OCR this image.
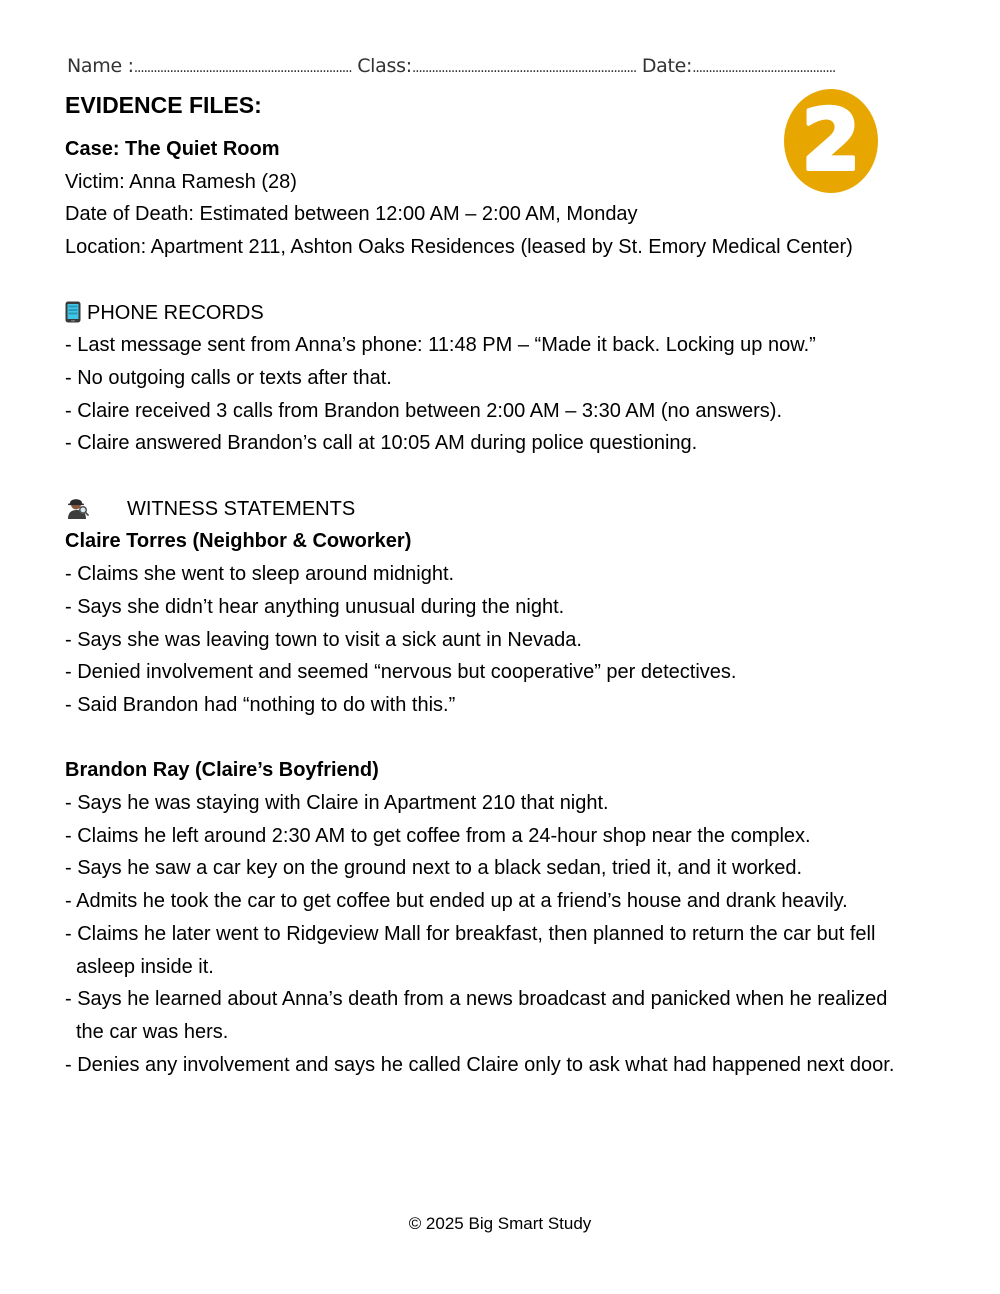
Name :................................................................... Class:..................................................................... Date:............................................
EVIDENCE FILES:	2
Case: The Quiet Room
Victim: Anna Ramesh (28)
Date of Death: Estimated between 12:00 AM – 2:00 AM, Monday
Location: Apartment 211, Ashton Oaks Residences (leased by St. Emory Medical Center)
PHONE RECORDS
- Last message sent from Anna’s phone: 11:48 PM – “Made it back. Locking up now.”
- No outgoing calls or texts after that.
- Claire received 3 calls from Brandon between 2:00 AM – 3:30 AM (no answers).
- Claire answered Brandon’s call at 10:05 AM during police questioning.
WITNESS STATEMENTS
Claire Torres (Neighbor & Coworker)
- Claims she went to sleep around midnight.
- Says she didn’t hear anything unusual during the night.
- Says she was leaving town to visit a sick aunt in Nevada.
- Denied involvement and seemed “nervous but cooperative” per detectives.
- Said Brandon had “nothing to do with this.”
Brandon Ray (Claire’s Boyfriend)
- Says he was staying with Claire in Apartment 210 that night.
- Claims he left around 2:30 AM to get coffee from a 24-hour shop near the complex.
- Says he saw a car key on the ground next to a black sedan, tried it, and it worked.
- Admits he took the car to get coffee but ended up at a friend’s house and drank heavily.
- Claims he later went to Ridgeview Mall for breakfast, then planned to return the car but fell
asleep inside it.
- Says he learned about Anna’s death from a news broadcast and panicked when he realized
the car was hers.
- Denies any involvement and says he called Claire only to ask what had happened next door.
© 2025 Big Smart Study
